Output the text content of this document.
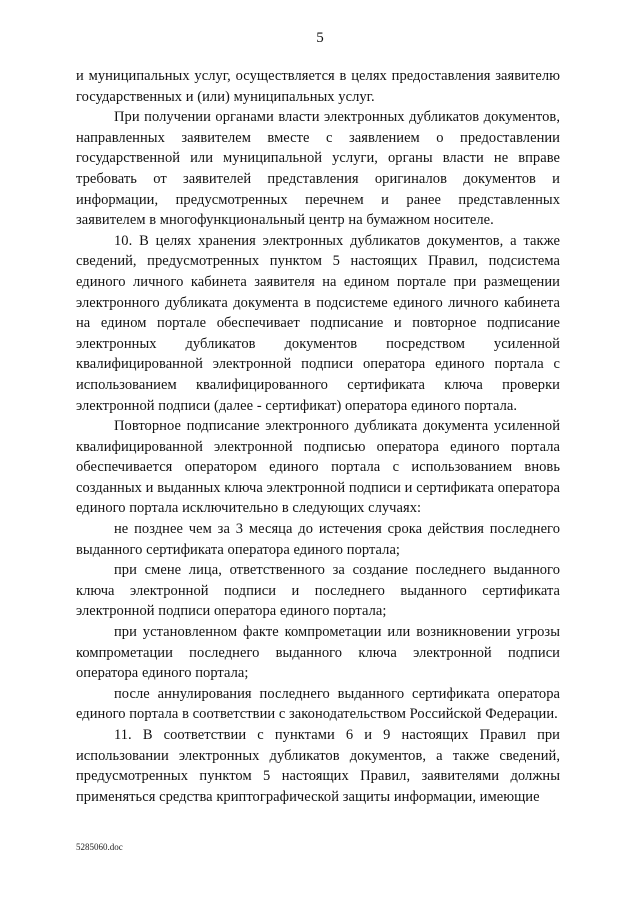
5

и муниципальных услуг, осуществляется в целях предоставления заявителю государственных и (или) муниципальных услуг.

При получении органами власти электронных дубликатов документов, направленных заявителем вместе с заявлением о предоставлении государственной или муниципальной услуги, органы власти не вправе требовать от заявителей представления оригиналов документов и информации, предусмотренных перечнем и ранее представленных заявителем в многофункциональный центр на бумажном носителе.

10. В целях хранения электронных дубликатов документов, а также сведений, предусмотренных пунктом 5 настоящих Правил, подсистема единого личного кабинета заявителя на едином портале при размещении электронного дубликата документа в подсистеме единого личного кабинета на едином портале обеспечивает подписание и повторное подписание электронных дубликатов документов посредством усиленной квалифицированной электронной подписи оператора единого портала с использованием квалифицированного сертификата ключа проверки электронной подписи (далее - сертификат) оператора единого портала.

Повторное подписание электронного дубликата документа усиленной квалифицированной электронной подписью оператора единого портала обеспечивается оператором единого портала с использованием вновь созданных и выданных ключа электронной подписи и сертификата оператора единого портала исключительно в следующих случаях:

не позднее чем за 3 месяца до истечения срока действия последнего выданного сертификата оператора единого портала;

при смене лица, ответственного за создание последнего выданного ключа электронной подписи и последнего выданного сертификата электронной подписи оператора единого портала;

при установленном факте компрометации или возникновении угрозы компрометации последнего выданного ключа электронной подписи оператора единого портала;

после аннулирования последнего выданного сертификата оператора единого портала в соответствии с законодательством Российской Федерации.

11. В соответствии с пунктами 6 и 9 настоящих Правил при использовании электронных дубликатов документов, а также сведений, предусмотренных пунктом 5 настоящих Правил, заявителями должны применяться средства криптографической защиты информации, имеющие

5285060.doc
